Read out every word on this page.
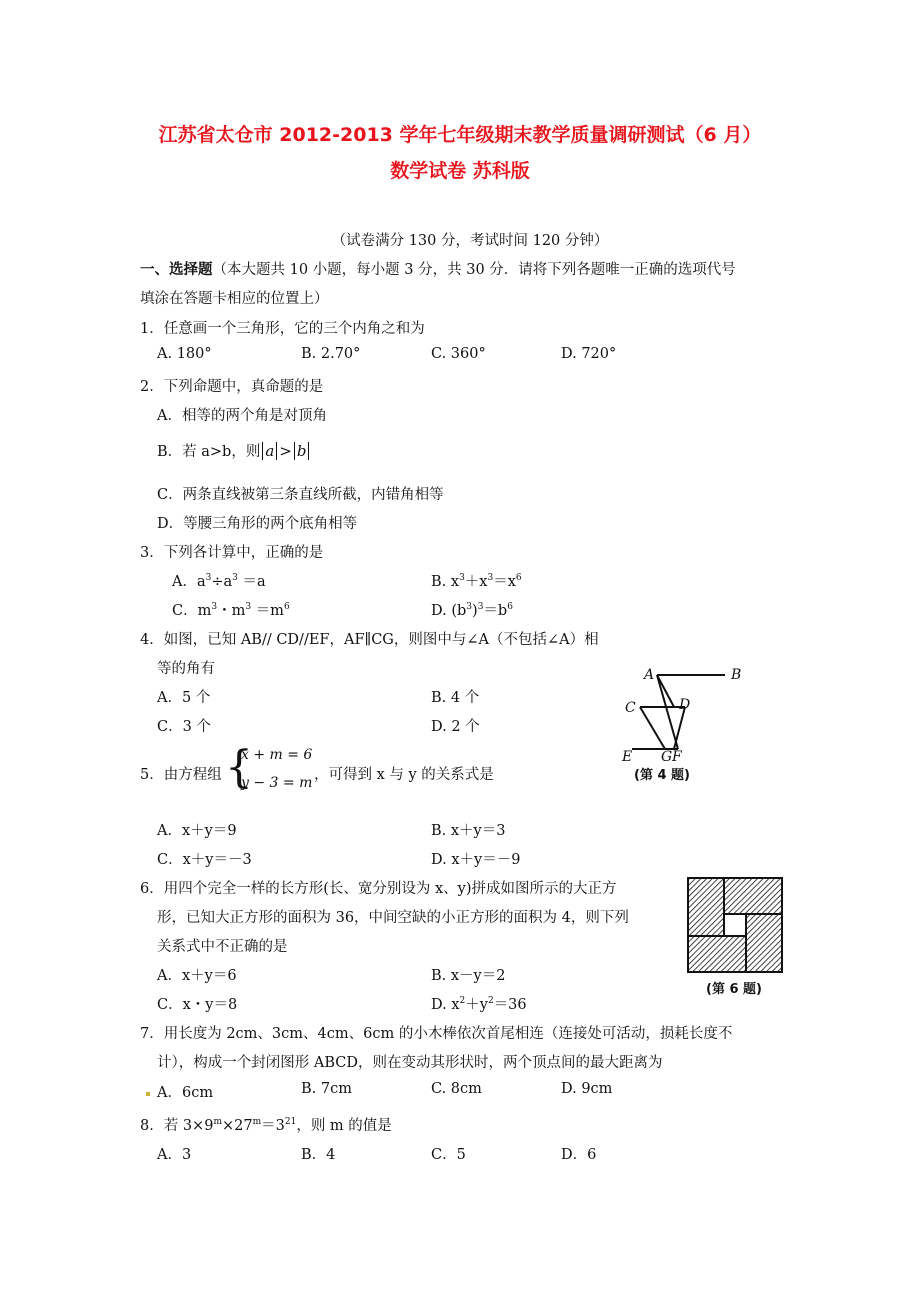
江苏省太仓市 2012-2013 学年七年级期末教学质量调研测试（6 月）
数学试卷 苏科版
（试卷满分 130 分，考试时间 120 分钟）
一、选择题（本大题共 10 小题，每小题 3 分，共 30 分．请将下列各题唯一正确的选项代号
填涂在答题卡相应的位置上）
1．任意画一个三角形，它的三个内角之和为
A. 180°	B. 2.70°	C. 360°	D. 720°
2．下列命题中，真命题的是
A．相等的两个角是对顶角
B．若 a>b，则 a > b
C．两条直线被第三条直线所截，内错角相等
D．等腰三角形的两个底角相等
3．下列各计算中，正确的是
A．$a^3\div a^3 =a$	B. $x^3+x^3=x^6$
C．$m^3$・$m^3 =m^6$	D. $(b^3)^3=b^6$
4．如图，已知 AB// CD//EF，AF∥CG，则图中与∠A（不包括∠A）相
等的角有
A．5 个	B. 4 个
C．3 个	D. 2 个
A	B
C	D
E G F
(第 4 题)
5．由方程组 {
x + m = 6
y − 3 = m ，可得到 x 与 y 的关系式是
A．x＋y＝9	B. x＋y＝3
C．x＋y＝－3	D. x＋y＝－9
6．用四个完全一样的长方形(长、宽分别设为 x、y)拼成如图所示的大正方
形，已知大正方形的面积为 36，中间空缺的小正方形的面积为 4，则下列
关系式中不正确的是
A．x＋y＝6	B. x－y＝2
C．x・y＝8	D. $x^2+y^2=36$
(第 6 题)
7．用长度为 2cm、3cm、4cm、6cm 的小木棒依次首尾相连（连接处可活动，损耗长度不
计），构成一个封闭图形 ABCD，则在变动其形状时，两个顶点间的最大距离为
A．6cm	B. 7cm	C. 8cm	D. 9cm
8．若 $3\times 9^m\times 27^m=3^{21}$，则 m 的值是
A．3	B．4	C．5	D．6
